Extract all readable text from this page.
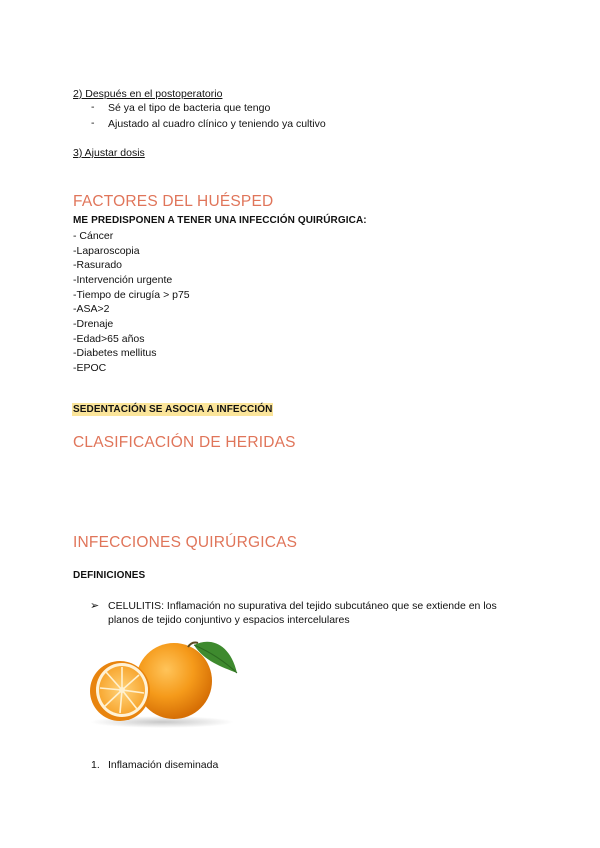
2) Después en el postoperatorio
- Sé ya el tipo de bacteria que tengo
- Ajustado al cuadro clínico y teniendo ya cultivo
3) Ajustar dosis
FACTORES DEL HUÉSPED
ME PREDISPONEN A TENER UNA INFECCIÓN QUIRÚRGICA:
- Cáncer
-Laparoscopia
-Rasurado
-Intervención urgente
-Tiempo de cirugía > p75
-ASA>2
-Drenaje
-Edad>65 años
-Diabetes mellitus
-EPOC
SEDENTACIÓN SE ASOCIA A INFECCIÓN
CLASIFICACIÓN DE HERIDAS
INFECCIONES QUIRÚRGICAS
DEFINICIONES
➢ CELULITIS: Inflamación no supurativa del tejido subcutáneo que se extiende en los
planos de tejido conjuntivo y espacios intercelulares
1. Inflamación diseminada
